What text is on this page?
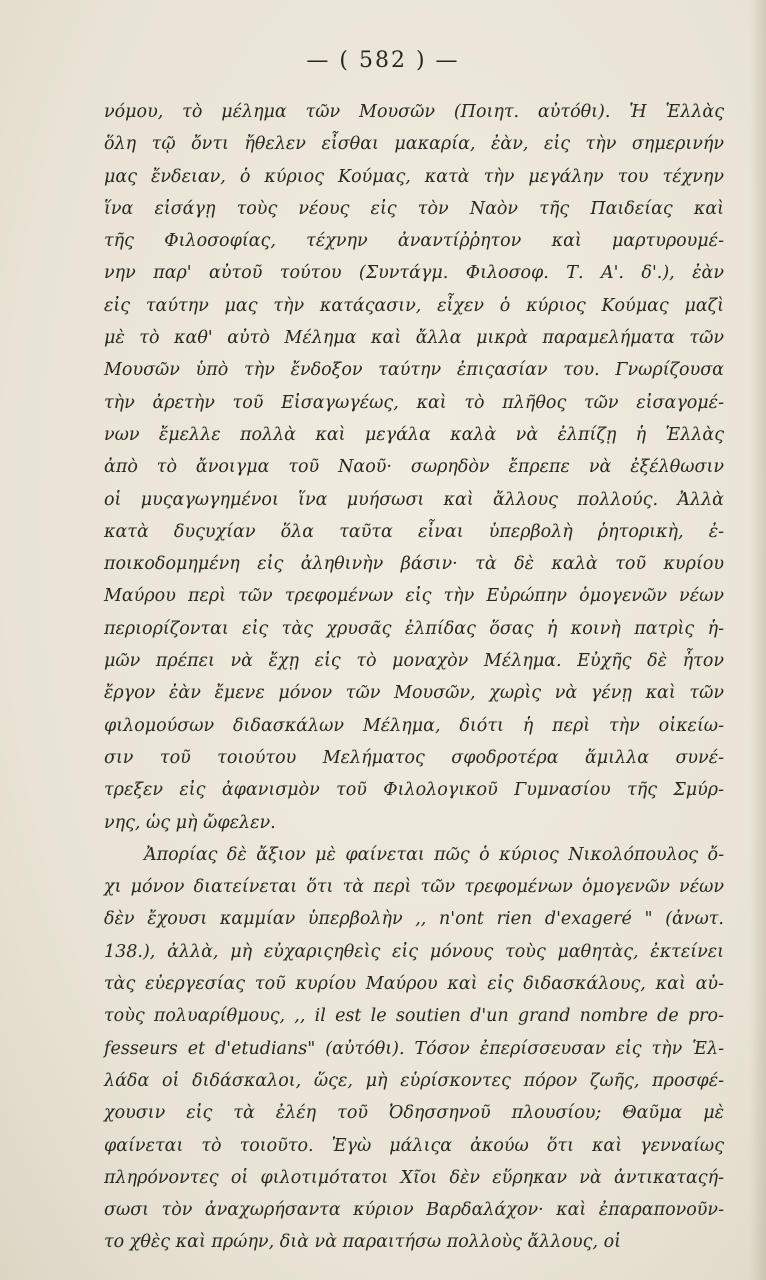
— ( 582 ) —
νόμου, τὸ μέλημα τῶν Μουσῶν (Ποιητ. αὐτόθι). Ἡ Ἑλλὰς
ὅλη τῷ ὄντι ἤθελεν εἶσθαι μακαρία, ἐὰν, εἰς τὴν σημερινήν
μας ἔνδειαν, ὁ κύριος Κούμας, κατὰ τὴν μεγάλην του τέχνην
ἵνα εἰσάγῃ τοὺς νέους εἰς τὸν Ναὸν τῆς Παιδείας καὶ
τῆς Φιλοσοφίας, τέχνην ἀναντίῤῥητον καὶ μαρτυρουμέ-
νην παρ' αὐτοῦ τούτου (Συντάγμ. Φιλοσοφ. Τ. Α'. δ'.), ἐὰν
εἰς ταύτην μας τὴν κατάςασιν, εἶχεν ὁ κύριος Κούμας μαζὶ
μὲ τὸ καθ' αὐτὸ Μέλημα καὶ ἄλλα μικρὰ παραμελήματα τῶν
Μουσῶν ὑπὸ τὴν ἔνδοξον ταύτην ἐπιςασίαν του. Γνωρίζουσα
τὴν ἀρετὴν τοῦ Εἰσαγωγέως, καὶ τὸ πλῆθος τῶν εἰσαγομέ-
νων ἔμελλε πολλὰ καὶ μεγάλα καλὰ νὰ ἐλπίζῃ ἡ Ἑλλὰς
ἀπὸ τὸ ἄνοιγμα τοῦ Ναοῦ· σωρηδὸν ἔπρεπε νὰ ἐξέλθωσιν
οἱ μυςαγωγημένοι ἵνα μυήσωσι καὶ ἄλλους πολλούς. Ἀλλὰ
κατὰ δυςυχίαν ὅλα ταῦτα εἶναι ὑπερβολὴ ῥητορικὴ, ἐ-
ποικοδομημένη εἰς ἀληθινὴν βάσιν· τὰ δὲ καλὰ τοῦ κυρίου
Μαύρου περὶ τῶν τρεφομένων εἰς τὴν Εὐρώπην ὁμογενῶν νέων
περιορίζονται εἰς τὰς χρυσᾶς ἐλπίδας ὅσας ἡ κοινὴ πατρὶς ἡ-
μῶν πρέπει νὰ ἔχῃ εἰς τὸ μοναχὸν Μέλημα. Εὐχῆς δὲ ἦτον
ἔργον ἐὰν ἔμενε μόνον τῶν Μουσῶν, χωρὶς νὰ γένῃ καὶ τῶν
φιλομούσων διδασκάλων Μέλημα, διότι ἡ περὶ τὴν οἰκείω-
σιν τοῦ τοιούτου Μελήματος σφοδροτέρα ἅμιλλα συνέ-
τρεξεν εἰς ἀφανισμὸν τοῦ Φιλολογικοῦ Γυμνασίου τῆς Σμύρ-
νης, ὡς μὴ ὤφελεν.
Ἀπορίας δὲ ἄξιον μὲ φαίνεται πῶς ὁ κύριος Νικολόπουλος ὄ-
χι μόνον διατείνεται ὅτι τὰ περὶ τῶν τρεφομένων ὁμογενῶν νέων
δὲν ἔχουσι καμμίαν ὑπερβολὴν ,, n'ont rien d'exageré " (ἀνωτ.
138.), ἀλλὰ, μὴ εὐχαριςηθεὶς εἰς μόνους τοὺς μαθητὰς, ἐκτείνει
τὰς εὐεργεσίας τοῦ κυρίου Μαύρου καὶ εἰς διδασκάλους, καὶ αὐ-
τοὺς πολυαρίθμους, ,, il est le soutien d'un grand nombre de pro-
fesseurs et d'etudians" (αὐτόθι). Τόσον ἐπερίσσευσαν εἰς τὴν Ἑλ-
λάδα οἱ διδάσκαλοι, ὥςε, μὴ εὑρίσκοντες πόρον ζωῆς, προσφέ-
χουσιν εἰς τὰ ἐλέη τοῦ Ὀδησσηνοῦ πλουσίου; Θαῦμα μὲ
φαίνεται τὸ τοιοῦτο. Ἐγὼ μάλιςα ἀκούω ὅτι καὶ γενναίως
πληρόνοντες οἱ φιλοτιμότατοι Χῖοι δὲν εὕρηκαν νὰ ἀντικαταςή-
σωσι τὸν ἀναχωρήσαντα κύριον Βαρδαλάχον· καὶ ἐπαραπονοῦν-
το χθὲς καὶ πρώην, διὰ νὰ παραιτήσω πολλοὺς ἄλλους, οἱ
